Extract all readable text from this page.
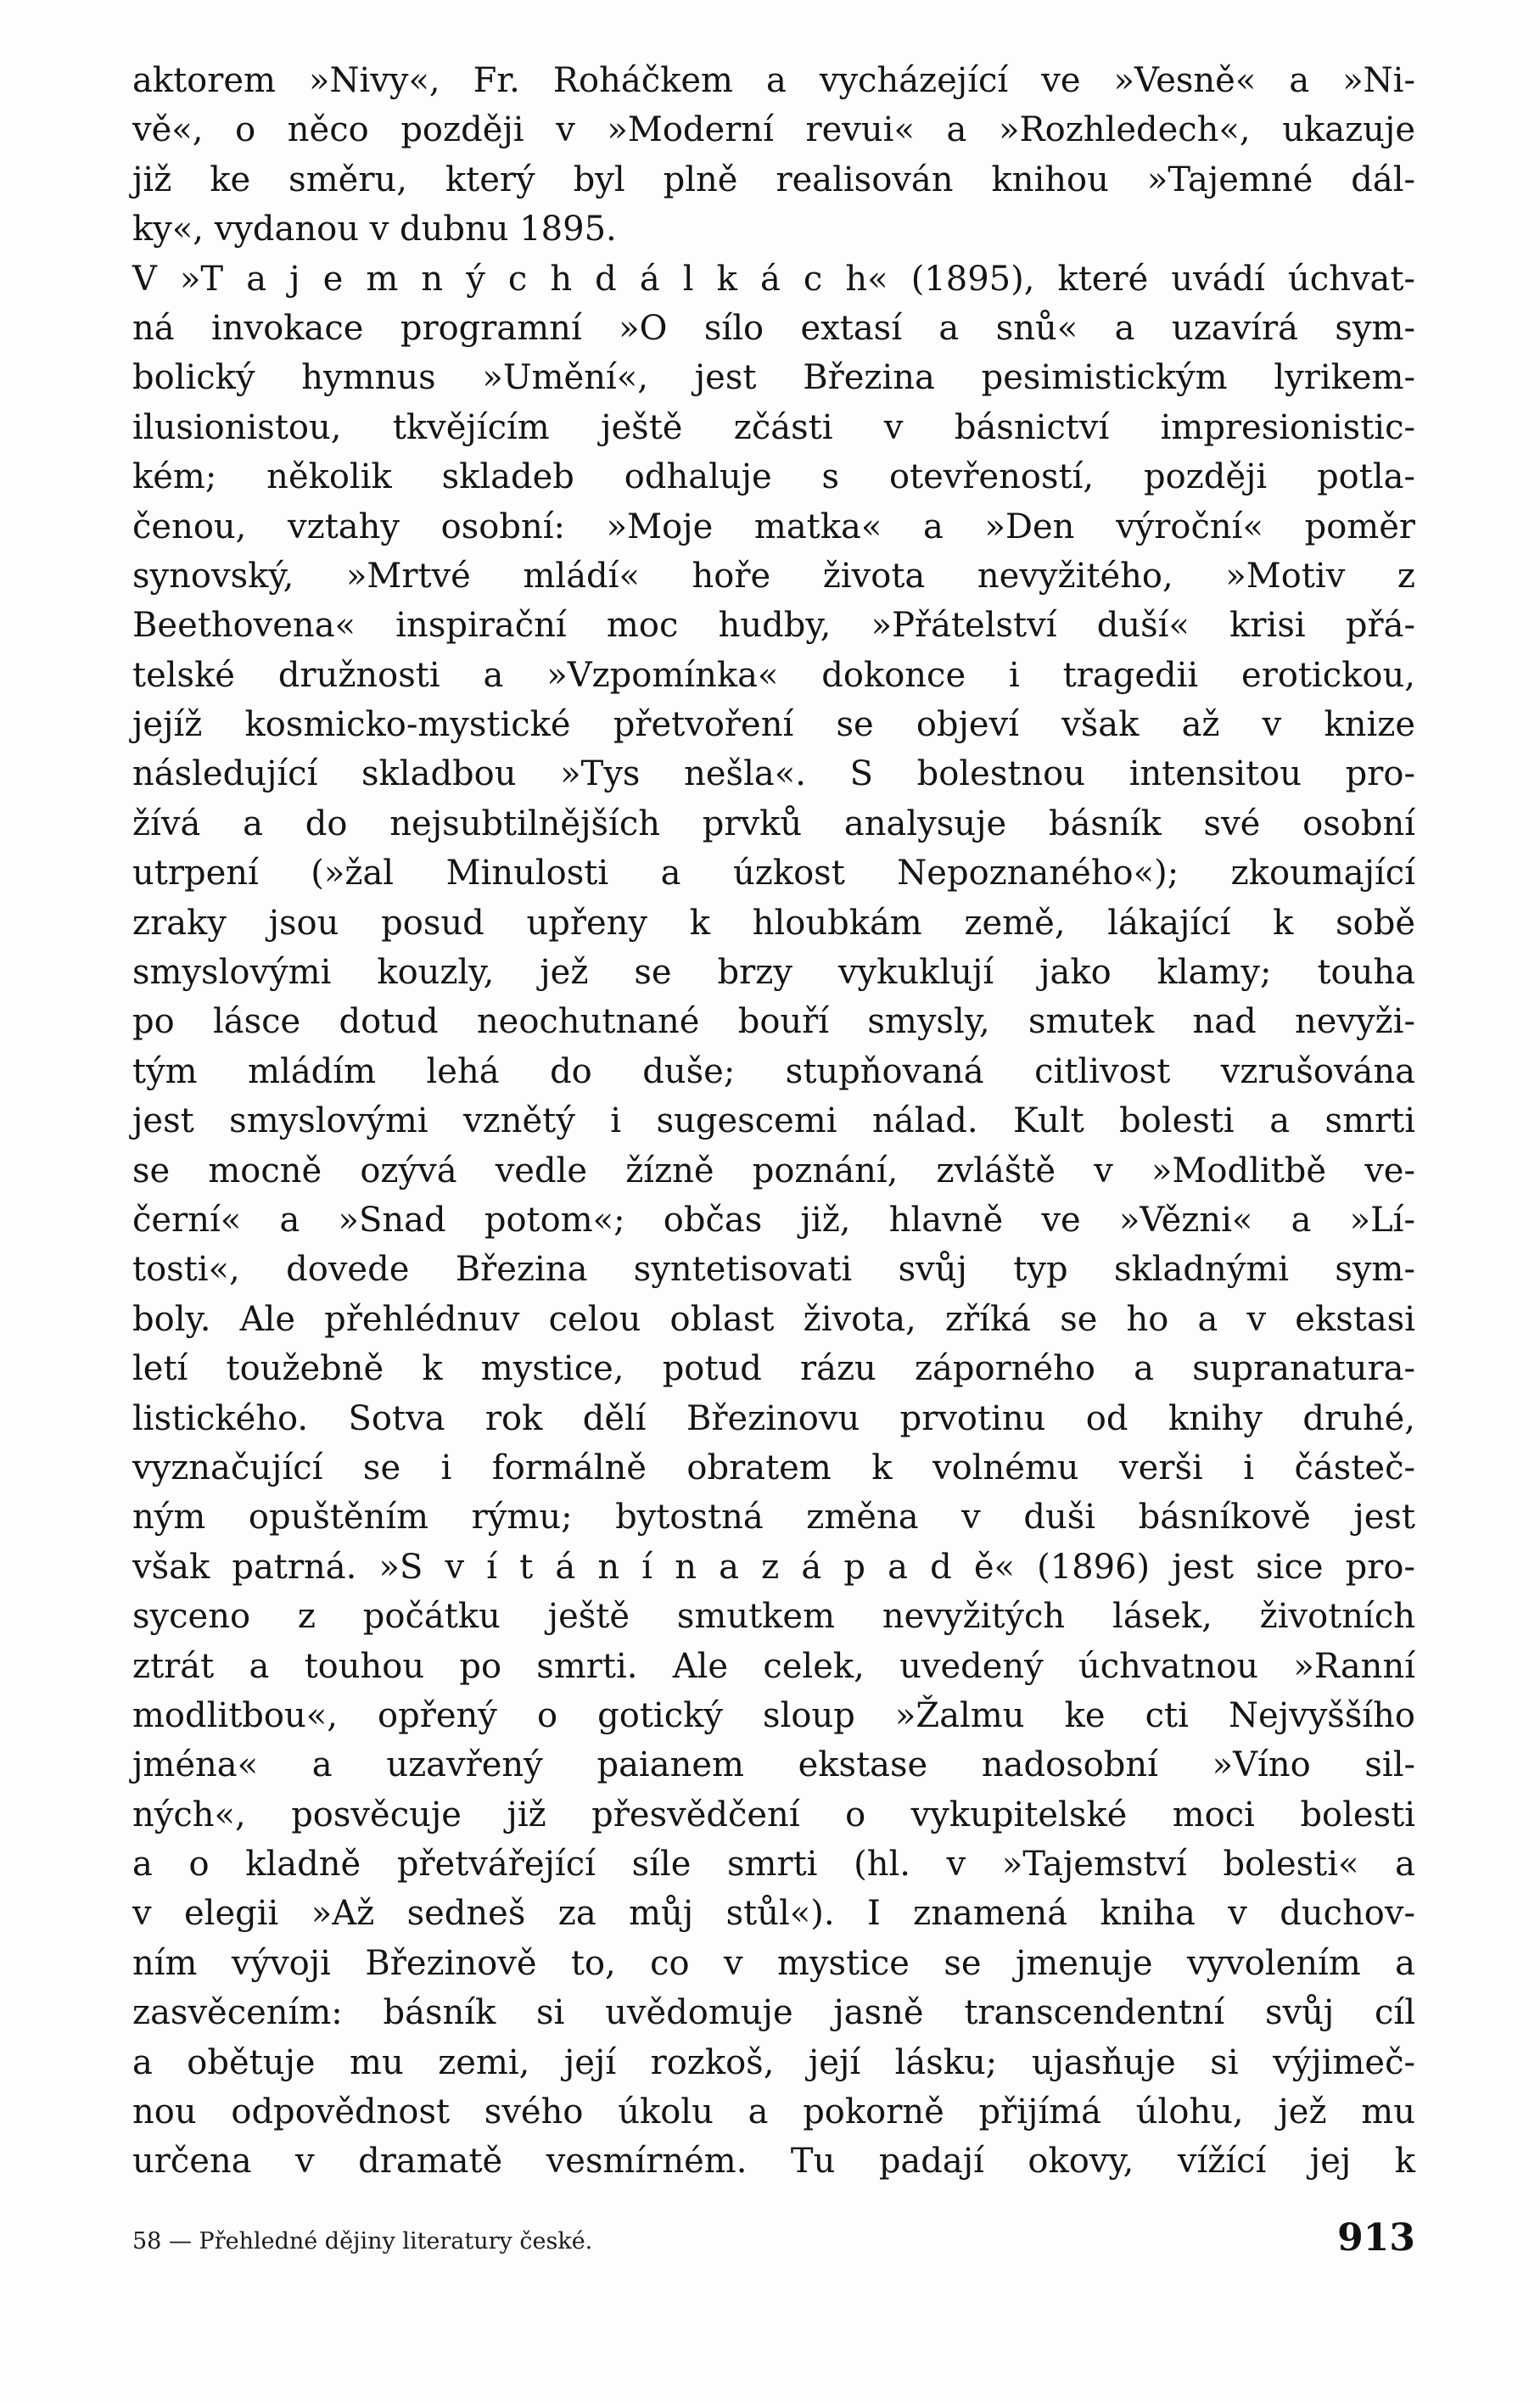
aktorem »Nivy«, Fr. Roháčkem a vycházející ve »Vesně« a »Ni-
vě«, o něco později v »Moderní revui« a »Rozhledech«, ukazuje
již ke směru, který byl plně realisován knihou »Tajemné dál-
ky«, vydanou v dubnu 1895.
V »T a j e m n ý c h d á l k á c h« (1895), které uvádí úchvat-
ná invokace programní »O sílo extasí a snů« a uzavírá sym-
bolický hymnus »Umění«, jest Březina pesimistickým lyrikem-
ilusionistou, tkvějícím ještě zčásti v básnictví impresionistic-
kém; několik skladeb odhaluje s otevřeností, později potla-
čenou, vztahy osobní: »Moje matka« a »Den výroční« poměr
synovský, »Mrtvé mládí« hoře života nevyžitého, »Motiv z
Beethovena« inspirační moc hudby, »Přátelství duší« krisi přá-
telské družnosti a »Vzpomínka« dokonce i tragedii erotickou,
jejíž kosmicko-mystické přetvoření se objeví však až v knize
následující skladbou »Tys nešla«. S bolestnou intensitou pro-
žívá a do nejsubtilnějších prvků analysuje básník své osobní
utrpení (»žal Minulosti a úzkost Nepoznaného«); zkoumající
zraky jsou posud upřeny k hloubkám země, lákající k sobě
smyslovými kouzly, jež se brzy vykuklují jako klamy; touha
po lásce dotud neochutnané bouří smysly, smutek nad nevyži-
tým mládím lehá do duše; stupňovaná citlivost vzrušována
jest smyslovými vznětý i sugescemi nálad. Kult bolesti a smrti
se mocně ozývá vedle žízně poznání, zvláště v »Modlitbě ve-
černí« a »Snad potom«; občas již, hlavně ve »Vězni« a »Lí-
tosti«, dovede Březina syntetisovati svůj typ skladnými sym-
boly. Ale přehlédnuv celou oblast života, zříká se ho a v ekstasi
letí toužebně k mystice, potud rázu záporného a supranatura-
listického. Sotva rok dělí Březinovu prvotinu od knihy druhé,
vyznačující se i formálně obratem k volnému verši i částeč-
ným opuštěním rýmu; bytostná změna v duši básníkově jest
však patrná. »S v í t á n í n a z á p a d ě« (1896) jest sice pro-
syceno z počátku ještě smutkem nevyžitých lásek, životních
ztrát a touhou po smrti. Ale celek, uvedený úchvatnou »Ranní
modlitbou«, opřený o gotický sloup »Žalmu ke cti Nejvyššího
jména« a uzavřený paianem ekstase nadosobní »Víno sil-
ných«, posvěcuje již přesvědčení o vykupitelské moci bolesti
a o kladně přetvářející síle smrti (hl. v »Tajemství bolesti« a
v elegii »Až sedneš za můj stůl«). I znamená kniha v duchov-
ním vývoji Březinově to, co v mystice se jmenuje vyvolením a
zasvěcením: básník si uvědomuje jasně transcendentní svůj cíl
a obětuje mu zemi, její rozkoš, její lásku; ujasňuje si výjimeč-
nou odpovědnost svého úkolu a pokorně přijímá úlohu, jež mu
určena v dramatě vesmírném. Tu padají okovy, vížící jej k
58 — Přehledné dějiny literatury české.	913
